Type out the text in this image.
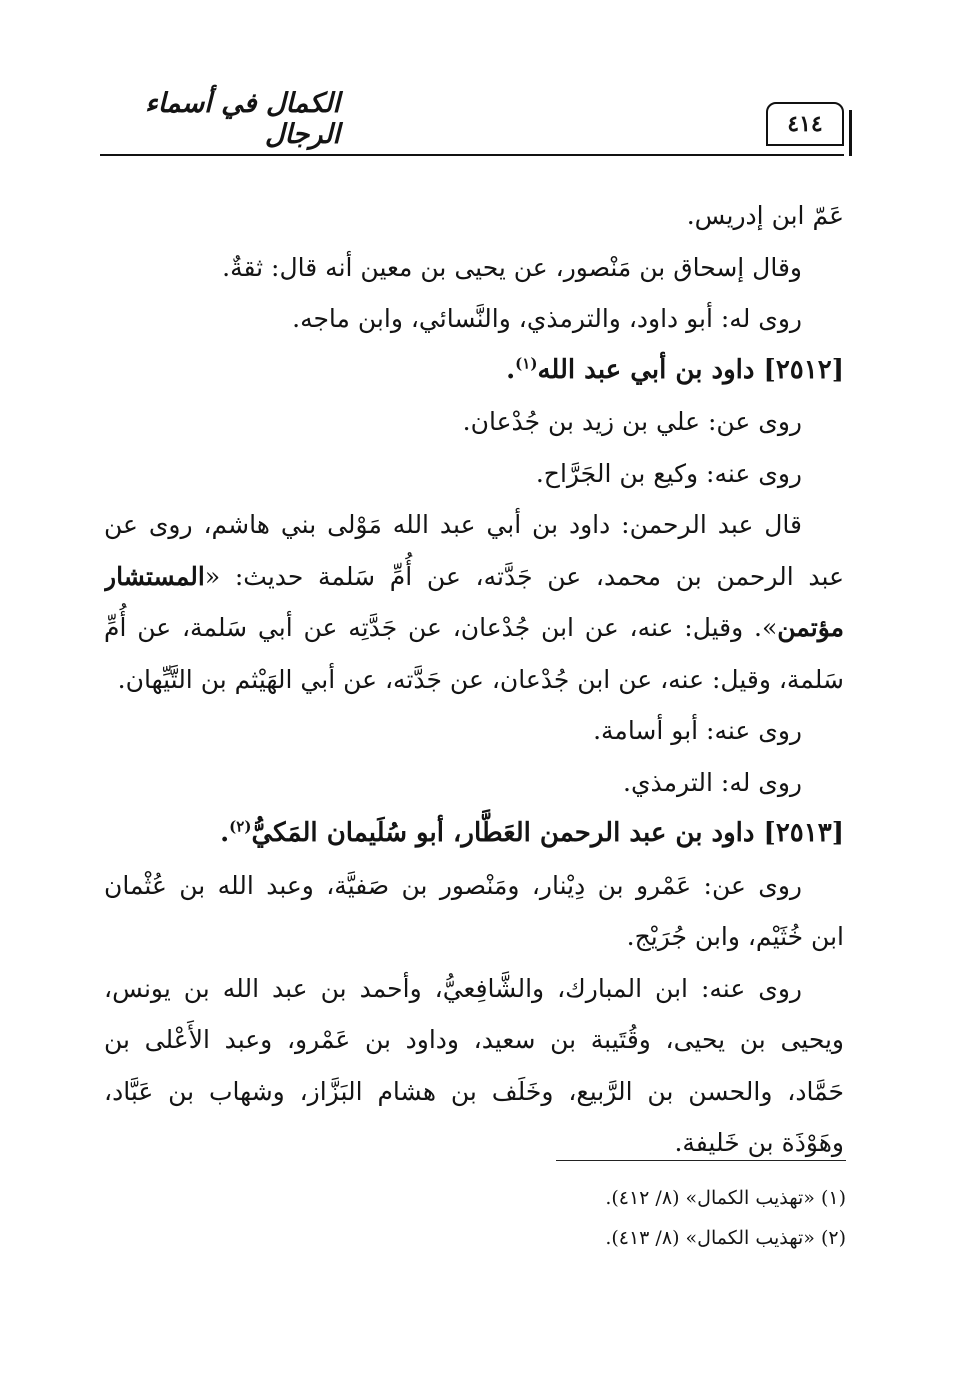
٤١٤
الكمال في أسماء الرجال
عَمّ ابن إدريس.
وقال إسحاق بن مَنْصور، عن يحيى بن معين أنه قال: ثقةٌ.
روى له: أبو داود، والترمذي، والنَّسائي، وابن ماجه.
[٢٥١٢] داود بن أبي عبد الله$^{(١)}$.
روى عن: علي بن زيد بن جُدْعان.
روى عنه: وكيع بن الجَرَّاح.
قال عبد الرحمن: داود بن أبي عبد الله مَوْلى بني هاشم، روى عن
عبد الرحمن بن محمد، عن جَدَّته، عن أُمِّ سَلمة حديث: «المستشار
مؤتمن». وقيل: عنه، عن ابن جُدْعان، عن جَدَّتِه عن أبي سَلمة، عن أُمِّ
سَلمة، وقيل: عنه، عن ابن جُدْعان، عن جَدَّته، عن أبي الهَيْثم بن التَّيِّهان.
روى عنه: أبو أسامة.
روى له: الترمذي.
[٢٥١٣] داود بن عبد الرحمن العَطَّار، أبو سُلَيمان المَكيُّ$^{(٢)}$.
روى عن: عَمْرو بن دِيْنار، ومَنْصور بن صَفيَّة، وعبد الله بن عُثْمان
ابن خُثَيْم، وابن جُرَيْج.
روى عنه: ابن المبارك، والشَّافِعيُّ، وأحمد بن عبد الله بن يونس،
ويحيى بن يحيى، وقُتَيبة بن سعيد، وداود بن عَمْرو، وعبد الأَعْلى بن
حَمَّاد، والحسن بن الرَّبيع، وخَلَف بن هشام البَزَّاز، وشهاب بن عَبَّاد،
وهَوْذَة بن خَليفة.
(١) «تهذيب الكمال» (٨/ ٤١٢).
(٢) «تهذيب الكمال» (٨/ ٤١٣).
